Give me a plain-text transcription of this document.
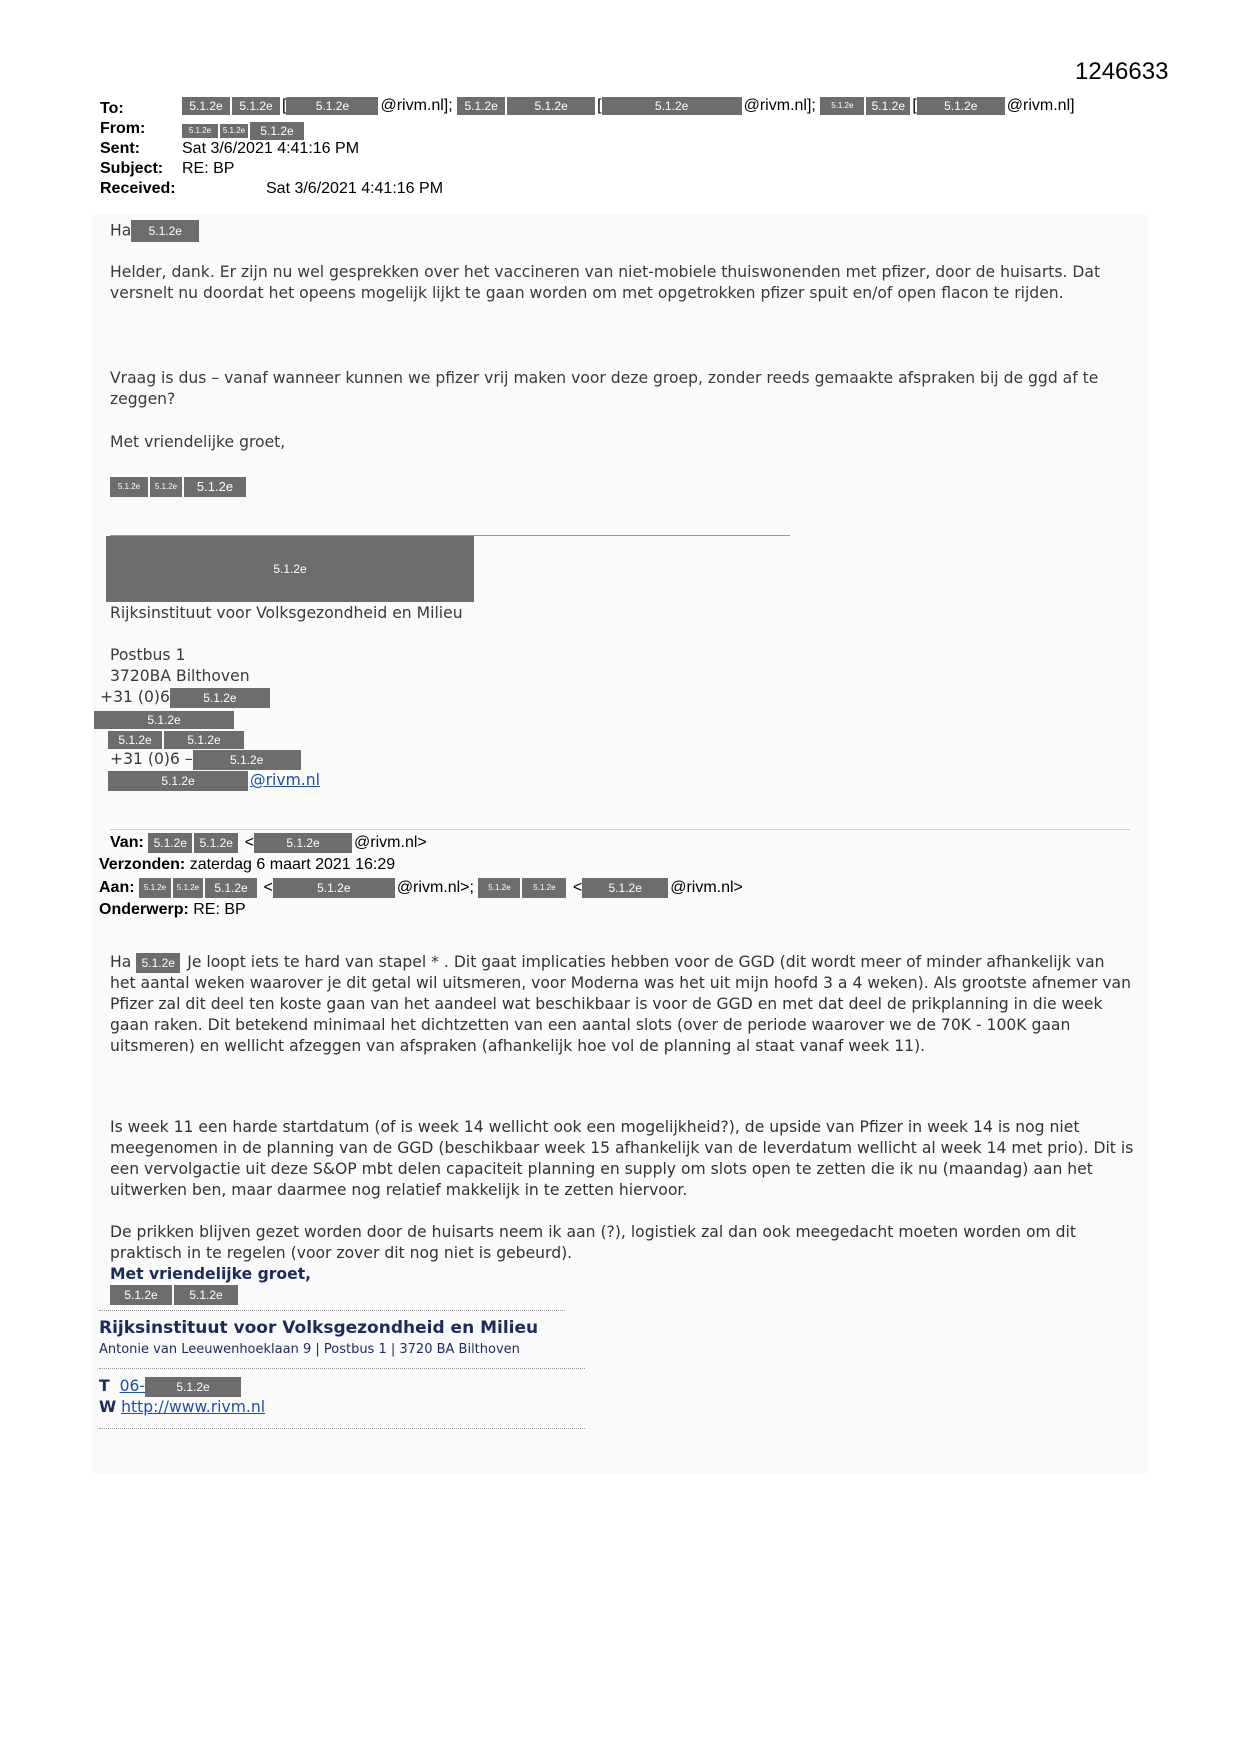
1246633
To:	5.1.2e 5.1.2e [ 5.1.2e @rivm.nl]; 5.1.2e	5.1.2e [	5.1.2e	@rivm.nl]; 5.1.2e 5.1.2e [ 5.1.2e @rivm.nl]
From:	5.1.2e 5.1.2e 5.1.2e
Sent:	Sat 3/6/2021 4:41:16 PM
Subject: RE: BP
Received:	Sat 3/6/2021 4:41:16 PM
Ha 5.1.2e
Helder, dank. Er zijn nu wel gesprekken over het vaccineren van niet-mobiele thuiswonenden met pfizer, door de huisarts. Dat versnelt nu doordat het opeens mogelijk lijkt te gaan worden om met opgetrokken pfizer spuit en/of open flacon te rijden.
Vraag is dus – vanaf wanneer kunnen we pfizer vrij maken voor deze groep, zonder reeds gemaakte afspraken bij de ggd af te zeggen?
Met vriendelijke groet,
5.1.2e 5.1.2e 5.1.2e
5.1.2e
Rijksinstituut voor Volksgezondheid en Milieu
Postbus 1
3720BA Bilthoven
+31 (0)6	5.1.2e
5.1.2e
5.1.2e	5.1.2e
+31 (0)6 –	5.1.2e
5.1.2e	@rivm.nl
Van: 5.1.2e 5.1.2e <	5.1.2e @rivm.nl>
Verzonden: zaterdag 6 maart 2021 16:29
Aan: 5.1.2e 5.1.2e 5.1.2e <	5.1.2e	@rivm.nl>; 5.1.2e	5.1.2e < 5.1.2e @rivm.nl>
Onderwerp: RE: BP
Ha 5.1.2e Je loopt iets te hard van stapel * . Dit gaat implicaties hebben voor de GGD (dit wordt meer of minder afhankelijk van het aantal weken waarover je dit getal wil uitsmeren, voor Moderna was het uit mijn hoofd 3 a 4 weken). Als grootste afnemer van Pfizer zal dit deel ten koste gaan van het aandeel wat beschikbaar is voor de GGD en met dat deel de prikplanning in die week gaan raken. Dit betekend minimaal het dichtzetten van een aantal slots (over de periode waarover we de 70K - 100K gaan uitsmeren) en wellicht afzeggen van afspraken (afhankelijk hoe vol de planning al staat vanaf week 11).
Is week 11 een harde startdatum (of is week 14 wellicht ook een mogelijkheid?), de upside van Pfizer in week 14 is nog niet meegenomen in de planning van de GGD (beschikbaar week 15 afhankelijk van de leverdatum wellicht al week 14 met prio). Dit is een vervolgactie uit deze S&OP mbt delen capaciteit planning en supply om slots open te zetten die ik nu (maandag) aan het uitwerken ben, maar daarmee nog relatief makkelijk in te zetten hiervoor.
De prikken blijven gezet worden door de huisarts neem ik aan (?), logistiek zal dan ook meegedacht moeten worden om dit praktisch in te regelen (voor zover dit nog niet is gebeurd).
Met vriendelijke groet,
5.1.2e	5.1.2e
Rijksinstituut voor Volksgezondheid en Milieu
Antonie van Leeuwenhoeklaan 9 | Postbus 1 | 3720 BA Bilthoven
T 06-	5.1.2e
W http://www.rivm.nl
